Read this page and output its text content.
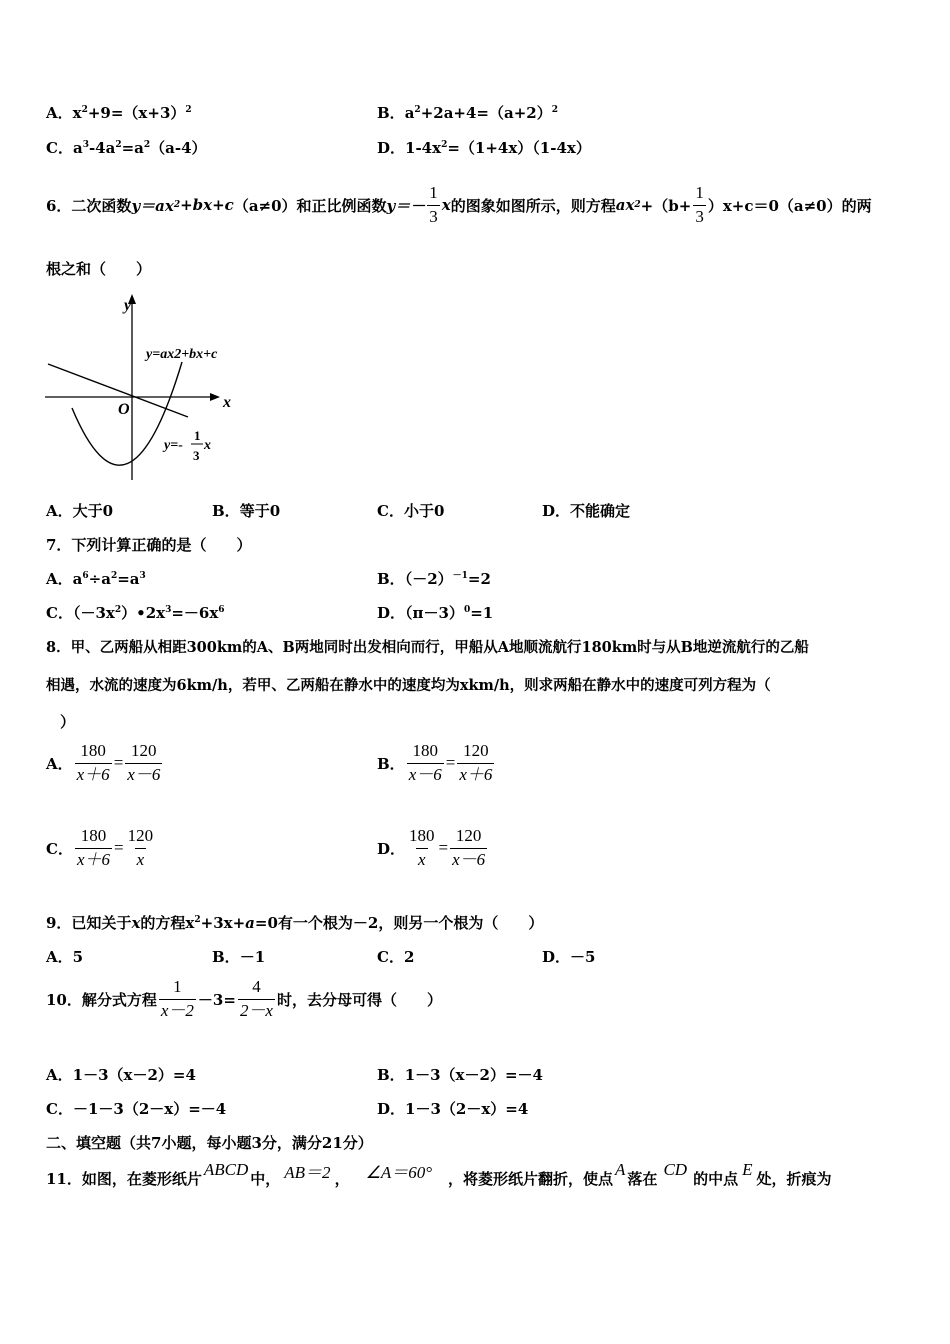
A．$x^2+9=(x+3)^2$	B．$a^2+2a+4=(a+2)^2$
C．$a^3-4a^2=a^2(a-4)$	D．$1-4x^2=(1+4x)(1-4x)$
6．二次函数 y＝ax 2 +bx+c （a≠0）和正比例函数 $y=- \frac{1}{3}$ x 的图象如图所示，则方程 ax $2 +(b+ \frac{1}{3} )x+c=0(a\ne 0)$的两
根之和（　　）
y
x
O
y=ax2+bx+c
y=-
1
3
x
A．大于0	B．等于0	C．小于0	D．不能确定
7．下列计算正确的是（　　）
A．$a^6\div a^2=a^3$	B．$(-2)^{-1}=2$
C．$(-3x^2)•2x^3=-6x^6$	D．$(\pi-3)^0=1$
8．甲、乙两船从相距300km的A、B两地同时出发相向而行，甲船从A地顺流航行180km时与从B地逆流航行的乙船
相遇，水流的速度为6km/h，若甲、乙两船在静水中的速度均为xkm/h，则求两船在静水中的速度可列方程为（
）
A． $\frac{180}{x+6} = \frac{120}{x-6}$	B． $\frac{180}{x-6} = \frac{120}{x+6}$
C． $\frac{180}{x+6} = \frac{120}{x}$	D． $\frac{180}{x} = \frac{120}{x-6}$
9．已知关于x的方程$x^2+3x+a=0$有一个根为－2，则另一个根为（　　）
A．5	B．－1	C．2	D．－5
10．解分式方程 $\frac{1}{x-2} -3= \frac{4}{2-x}$ 时，去分母可得（　　）
A．1－3（x－2）=4	B．1－3（x－2）=－4
C．－1－3（2－x）=－4	D．1－3（2－x）=4
二、填空题（共7小题，每小题3分，满分21分）
11．如图，在菱形纸片 ABCD 中， AB＝2 ， ∠A＝60° ，将菱形纸片翻折，使点 A 落在 CD 的中点 E 处，折痕为
